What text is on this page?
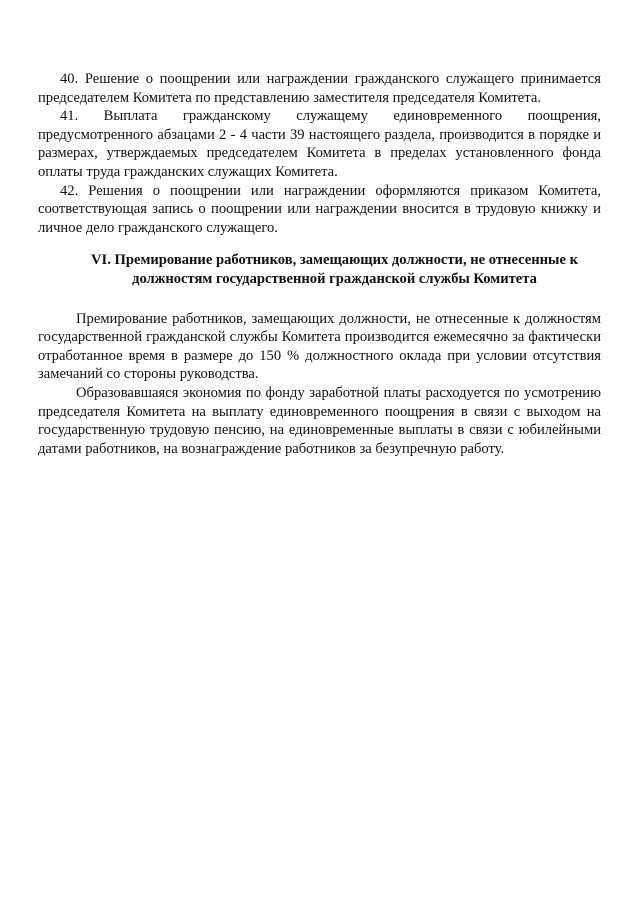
40. Решение о поощрении или награждении гражданского служащего принимается председателем Комитета по представлению заместителя председателя Комитета.

41. Выплата гражданскому служащему единовременного поощрения, предусмотренного абзацами 2 - 4 части 39 настоящего раздела, производится в порядке и размерах, утверждаемых председателем Комитета в пределах установленного фонда оплаты труда гражданских служащих Комитета.

42. Решения о поощрении или награждении оформляются приказом Комитета, соответствующая запись о поощрении или награждении вносится в трудовую книжку и личное дело гражданского служащего.

VI. Премирование работников, замещающих должности, не отнесенные к должностям государственной гражданской службы Комитета

Премирование работников, замещающих должности, не отнесенные к должностям государственной гражданской службы Комитета производится ежемесячно за фактически отработанное время в размере до 150 % должностного оклада при условии отсутствия замечаний со стороны руководства.

Образовавшаяся экономия по фонду заработной платы расходуется по усмотрению председателя Комитета на выплату единовременного поощрения в связи с выходом на государственную трудовую пенсию, на единовременные выплаты в связи с юбилейными датами работников, на вознаграждение работников за безупречную работу.
